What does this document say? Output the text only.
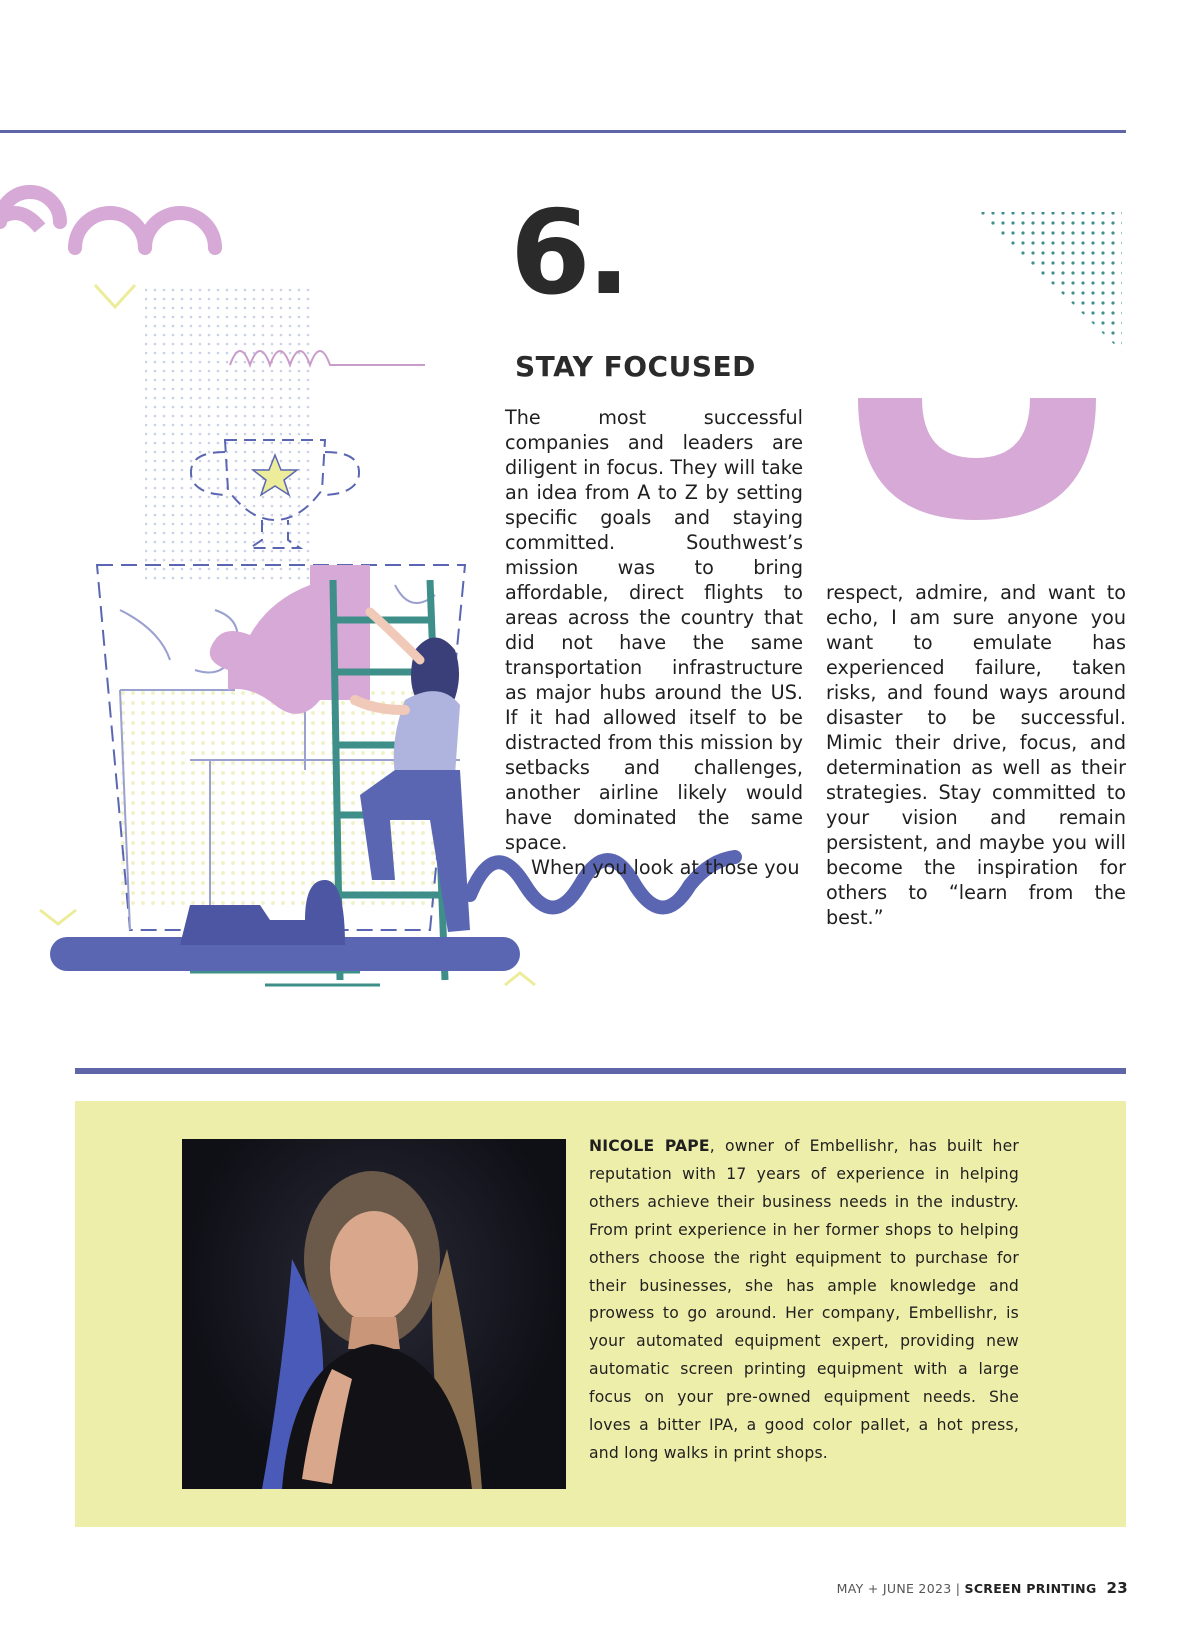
6.
STAY FOCUSED

The most successful companies and leaders are diligent in focus. They will take an idea from A to Z by setting specific goals and staying committed. Southwest’s mission was to bring affordable, direct flights to areas across the country that did not have the same transportation infrastructure as major hubs around the US. If it had allowed itself to be distracted from this mission by setbacks and challenges, another airline likely would have dominated the same space.

When you look at those you

respect, admire, and want to echo, I am sure anyone you want to emulate has experienced failure, taken risks, and found ways around disaster to be successful. Mimic their drive, focus, and determination as well as their strategies. Stay committed to your vision and remain persistent, and maybe you will become the inspiration for others to “learn from the best.”

NICOLE PAPE, owner of Embellishr, has built her reputation with 17 years of experience in helping others achieve their business needs in the industry. From print experience in her former shops to helping others choose the right equipment to purchase for their businesses, she has ample knowledge and prowess to go around. Her company, Embellishr, is your automated equipment expert, providing new automatic screen printing equipment with a large focus on your pre-owned equipment needs. She loves a bitter IPA, a good color pallet, a hot press, and long walks in print shops.
MAY + JUNE 2023 | SCREEN PRINTING 23
